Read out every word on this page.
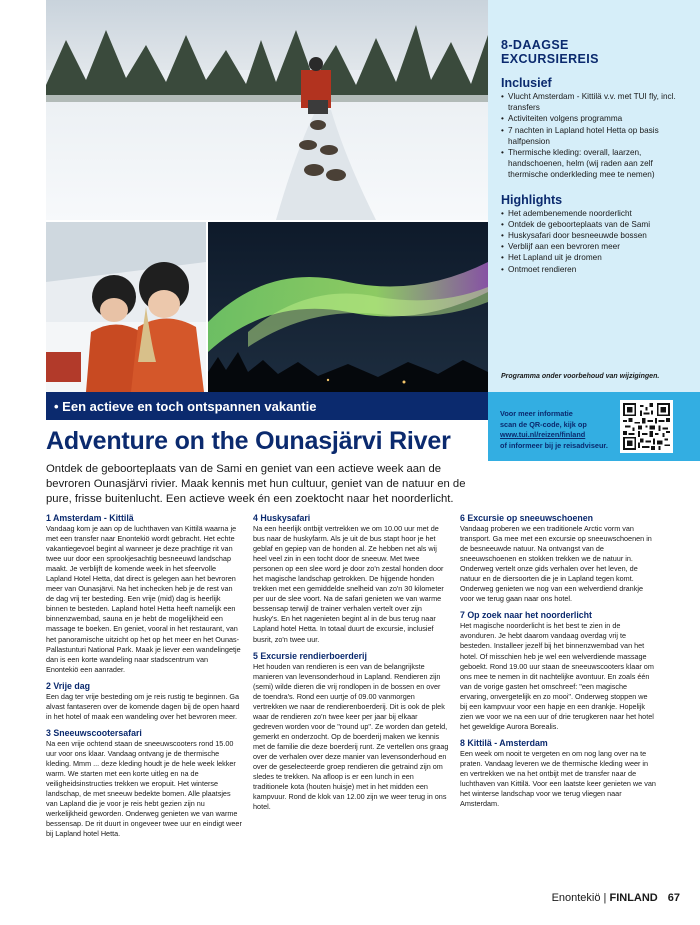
8-DAAGSE EXCURSIEREIS
Inclusief
• Vlucht Amsterdam - Kittilä v.v. met TUI fly, incl. transfers
• Activiteiten volgens programma
• 7 nachten in Lapland hotel Hetta op basis halfpension
• Thermische kleding: overall, laarzen, handschoenen, helm (wij raden aan zelf thermische onderkleding mee te nemen)
Highlights
• Het adembenemende noorderlicht
• Ontdek de geboorteplaats van de Sami
• Huskysafari door besneeuwde bossen
• Verblijf aan een bevroren meer
• Het Lapland uit je dromen
• Ontmoet rendieren
Programma onder voorbehoud van wijzigingen.
• Een actieve en toch ontspannen vakantie	Voor meer informatie
scan de QR-code, kijk op
www.tui.nl/reizen/finland
of informeer bij je reisadviseur.
Adventure on the Ounasjärvi River

Ontdek de geboorteplaats van de Sami en geniet van een actieve week aan de bevroren Ounasjärvi rivier. Maak kennis met hun cultuur, geniet van de natuur en de pure, frisse buitenlucht. Een actieve week én een zoektocht naar het noorderlicht.

1 Amsterdam - Kittilä

Vandaag kom je aan op de luchthaven van Kittilä waarna je met een transfer naar Enontekiö wordt gebracht. Het echte vakantiegevoel begint al wanneer je deze prachtige rit van twee uur door een sprookjesachtig besneeuwd landschap maakt. Je verblijft de komende week in het sfeervolle Lapland Hotel Hetta, dat direct is gelegen aan het bevroren meer van Ounasjärvi. Na het inchecken heb je de rest van de dag vrij ter besteding. Een vrije (mid) dag is heerlijk binnen te besteden. Lapland hotel Hetta heeft namelijk een binnenzwembad, sauna en je hebt de mogelijkheid een massage te boeken. En geniet, vooral in het restaurant, van het panoramische uitzicht op het op het meer en het Ounas-Pallastunturi National Park. Maak je liever een wandelingetje dan is een korte wandeling naar stadscentrum van Enontekiö een aanrader.

2 Vrije dag

Een dag ter vrije besteding om je reis rustig te beginnen. Ga alvast fantaseren over de komende dagen bij de open haard in het hotel of maak een wandeling over het bevroren meer.

3 Sneeuwscootersafari

Na een vrije ochtend staan de sneeuwscooters rond 15.00 uur voor ons klaar. Vandaag ontvang je de thermische kleding. Mmm ... deze kleding houdt je de hele week lekker warm. We starten met een korte uitleg en na de veiligheidsinstructies trekken we eropuit. Het winterse landschap, de met sneeuw bedekte bomen. Alle plaatsjes van Lapland die je voor je reis hebt gezien zijn nu werkelijkheid geworden. Onderweg genieten we van warme bessensap. De rit duurt in ongeveer twee uur en eindigt weer bij Lapland hotel Hetta.

4 Huskysafari

Na een heerlijk ontbijt vertrekken we om 10.00 uur met de bus naar de huskyfarm. Als je uit de bus stapt hoor je het geblaf en gepiep van de honden al. Ze hebben net als wij heel veel zin in een tocht door de sneeuw. Met twee personen op een slee word je door zo'n zestal honden door het magische landschap getrokken. De hijgende honden trekken met een gemiddelde snelheid van zo'n 30 kilometer per uur de slee voort. Na de safari genieten we van warme bessensap terwijl de trainer verhalen vertelt over zijn husky's. En het nagenieten begint al in de bus terug naar Lapland hotel Hetta. In totaal duurt de excursie, inclusief busrit, zo'n twee uur.

5 Excursie rendierboerderij

Het houden van rendieren is een van de belangrijkste manieren van levensonderhoud in Lapland. Rendieren zijn (semi) wilde dieren die vrij rondlopen in de bossen en over de toendra's. Rond een uurtje of 09.00 vanmorgen vertrekken we naar de rendierenboerderij. Dit is ook de plek waar de rendieren zo'n twee keer per jaar bij elkaar gedreven worden voor de "round up". Ze worden dan geteld, gemerkt en onderzocht. Op de boerderij maken we kennis met de familie die deze boerderij runt. Ze vertellen ons graag over de verhalen over deze manier van levensonderhoud en over de geselecteerde groep rendieren die getraind zijn om sledes te trekken. Na afloop is er een lunch in een traditionele kota (houten huisje) met in het midden een kampvuur. Rond de klok van 12.00 zijn we weer terug in ons hotel.

6 Excursie op sneeuwschoenen

Vandaag proberen we een traditionele Arctic vorm van transport. Ga mee met een excursie op sneeuwschoenen in de besneeuwde natuur. Na ontvangst van de sneeuwschoenen en stokken trekken we de natuur in. Onderweg vertelt onze gids verhalen over het leven, de natuur en de diersoorten die je in Lapland tegen komt. Onderweg genieten we nog van een welverdiend drankje voor we terug gaan naar ons hotel.

7 Op zoek naar het noorderlicht

Het magische noorderlicht is het best te zien in de avonduren. Je hebt daarom vandaag overdag vrij te besteden. Installeer jezelf bij het binnenzwembad van het hotel. Of misschien heb je wel een welverdiende massage geboekt. Rond 19.00 uur staan de sneeuwscooters klaar om ons mee te nemen in dit nachtelijke avontuur. En zoals één van de vorige gasten het omschreef: "een magische ervaring, onvergetelijk en zo mooi". Onderweg stoppen we bij een kampvuur voor een hapje en een drankje. Hopelijk zien we voor we na een uur of drie terugkeren naar het hotel het geweldige Aurora Borealis.

8 Kittilä - Amsterdam

Een week om nooit te vergeten en om nog lang over na te praten. Vandaag leveren we de thermische kleding weer in en vertrekken we na het ontbijt met de transfer naar de luchthaven van Kittilä. Voor een laatste keer genieten we van het winterse landschap voor we terug vliegen naar Amsterdam.

Enontekiö | FINLAND 67
